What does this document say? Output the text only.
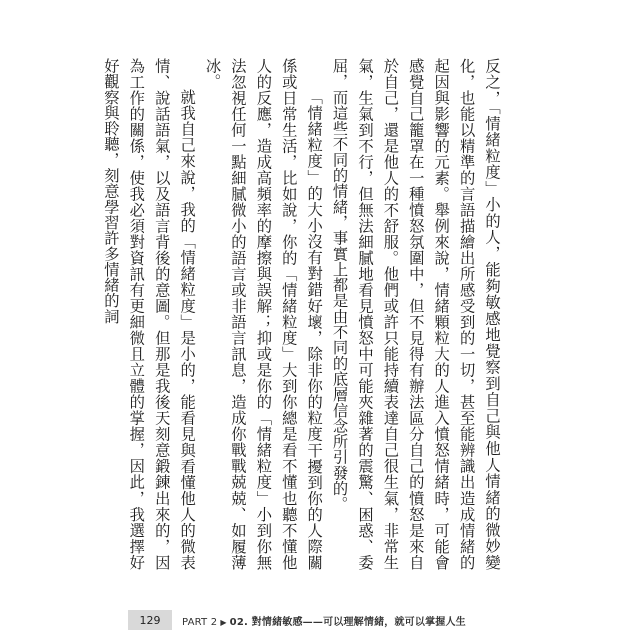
反之，「情緒粒度」小的人，能夠敏感地覺察到自己與他人情緒的微妙變化，也能以精準的言語描繪出所感受到的一切，甚至能辨識出造成情緒的起因與影響的元素。舉例來說，情緒顆粒大的人進入憤怒情緒時，可能會感覺自己籠罩在一種憤怒氛圍中，但不見得有辦法區分自己的憤怒是來自於自己，還是他人的不舒服。他們或許只能持續表達自己很生氣，非常生氣，生氣到不行，但無法細膩地看見憤怒中可能夾雜著的震驚、困惑、委屈，而這些不同的情緒，事實上都是由不同的底層信念所引發的。

「情緒粒度」的大小沒有對錯好壞，除非你的粒度干擾到你的人際關係或日常生活，比如說，你的「情緒粒度」大到你總是看不懂也聽不懂他人的反應，造成高頻率的摩擦與誤解；抑或是你的「情緒粒度」小到你無法忽視任何一點細膩微小的語言或非語言訊息，造成你戰戰兢兢、如履薄冰。

就我自己來說，我的「情緒粒度」是小的，能看見與看懂他人的微表情、說話語氣，以及語言背後的意圖。但那是我後天刻意鍛鍊出來的，因為工作的關係，使我必須對資訊有更細微且立體的掌握，因此，我選擇好好觀察與聆聽，刻意學習許多情緒的詞

129	PART 2 ▶ 02. 對情緒敏感——可以理解情緒，就可以掌握人生
